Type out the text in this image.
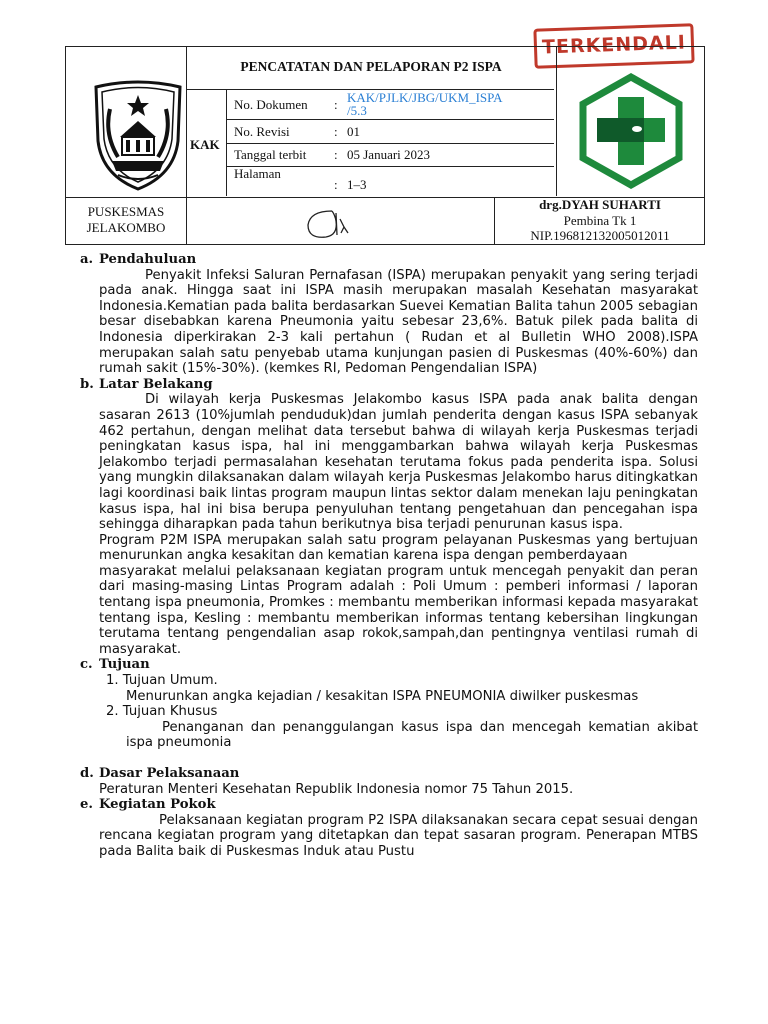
TERKENDALI
PENCATATAN DAN PELAPORAN P2 ISPA
KAK
No. Dokumen : KAK/PJLK/JBG/UKM_ISPA /5.3
No. Revisi	: 01
Tanggal terbit : 05 Januari 2023
Halaman
: 1–3
PUSKESMAS
JELAKOMBO
drg.DYAH SUHARTI
Pembina Tk 1
NIP.196812132005012011
a. Pendahuluan
Penyakit Infeksi Saluran Pernafasan (ISPA) merupakan penyakit yang sering terjadi pada anak. Hingga saat ini ISPA masih merupakan masalah Kesehatan masyarakat Indonesia.Kematian pada balita berdasarkan Suevei Kematian Balita tahun 2005 sebagian besar disebabkan karena Pneumonia yaitu sebesar 23,6%. Batuk pilek pada balita di Indonesia diperkirakan 2-3 kali pertahun ( Rudan et al Bulletin WHO 2008).ISPA merupakan salah satu penyebab utama kunjungan pasien di Puskesmas (40%-60%) dan rumah sakit (15%-30%). (kemkes RI, Pedoman Pengendalian ISPA)
b. Latar Belakang
Di wilayah kerja Puskesmas Jelakombo kasus ISPA pada anak balita dengan sasaran 2613 (10%jumlah penduduk)dan jumlah penderita dengan kasus ISPA sebanyak 462 pertahun, dengan melihat data tersebut bahwa di wilayah kerja Puskesmas terjadi peningkatan kasus ispa, hal ini menggambarkan bahwa wilayah kerja Puskesmas Jelakombo terjadi permasalahan kesehatan terutama fokus pada penderita ispa. Solusi yang mungkin dilaksanakan dalam wilayah kerja Puskesmas Jelakombo harus ditingkatkan lagi koordinasi baik lintas program maupun lintas sektor dalam menekan laju peningkatan kasus ispa, hal ini bisa berupa penyuluhan tentang pengetahuan dan pencegahan ispa sehingga diharapkan pada tahun berikutnya bisa terjadi penurunan kasus ispa.
Program P2M ISPA merupakan salah satu program pelayanan Puskesmas yang bertujuan menurunkan angka kesakitan dan kematian karena ispa dengan pemberdayaan
masyarakat melalui pelaksanaan kegiatan program untuk mencegah penyakit dan peran dari masing-masing Lintas Program adalah : Poli Umum : pemberi informasi / laporan tentang ispa pneumonia, Promkes : membantu memberikan informasi kepada masyarakat tentang ispa, Kesling : membantu memberikan informas tentang kebersihan lingkungan terutama tentang pengendalian asap rokok,sampah,dan pentingnya ventilasi rumah di masyarakat.
c. Tujuan
1. Tujuan Umum.
Menurunkan angka kejadian / kesakitan ISPA PNEUMONIA diwilker puskesmas
2. Tujuan Khusus
Penanganan dan penanggulangan kasus ispa dan mencegah kematian akibat ispa pneumonia
d. Dasar Pelaksanaan
Peraturan Menteri Kesehatan Republik Indonesia nomor 75 Tahun 2015.
e. Kegiatan Pokok
Pelaksanaan kegiatan program P2 ISPA dilaksanakan secara cepat sesuai dengan rencana kegiatan program yang ditetapkan dan tepat sasaran program. Penerapan MTBS pada Balita baik di Puskesmas Induk atau Pustu
